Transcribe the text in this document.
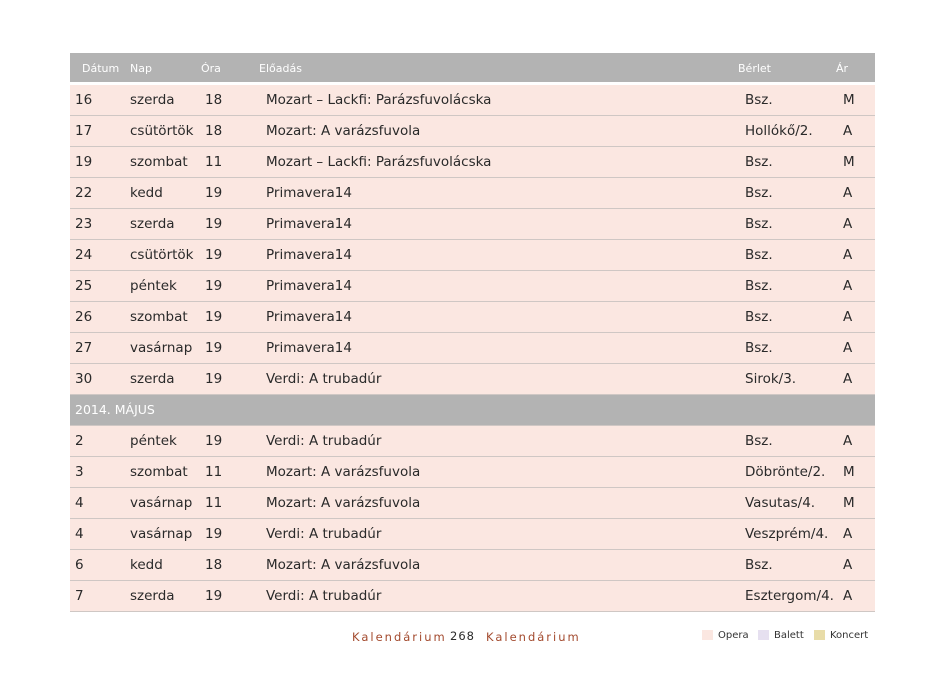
Dátum Nap	Óra	Előadás	Bérlet	Ár
16	szerda 18	Mozart – Lackfi: Parázsfuvolácska	Bsz.	M
17	csütörtök 18	Mozart: A varázsfuvola	Hollókő/2. A
19	szombat 11	Mozart – Lackfi: Parázsfuvolácska	Bsz.	M
22	kedd	19	Primavera14	Bsz.	A
23	szerda 19	Primavera14	Bsz.	A
24	csütörtök 19	Primavera14	Bsz.	A
25	péntek 19	Primavera14	Bsz.	A
26	szombat 19	Primavera14	Bsz.	A
27	vasárnap 19	Primavera14	Bsz.	A
30	szerda 19	Verdi: A trubadúr	Sirok/3.	A
2014. MÁJUS
2	péntek 19	Verdi: A trubadúr	Bsz.	A
3	szombat 11	Mozart: A varázsfuvola	Döbrönte/2. M
4	vasárnap 11	Mozart: A varázsfuvola	Vasutas/4. M
4	vasárnap 19	Verdi: A trubadúr	Veszprém/4. A
6	kedd	18	Mozart: A varázsfuvola	Bsz.	A
7	szerda 19	Verdi: A trubadúr	Esztergom/4. A
Kalendárium 268 Kalendárium	Opera	Balett	Koncert
